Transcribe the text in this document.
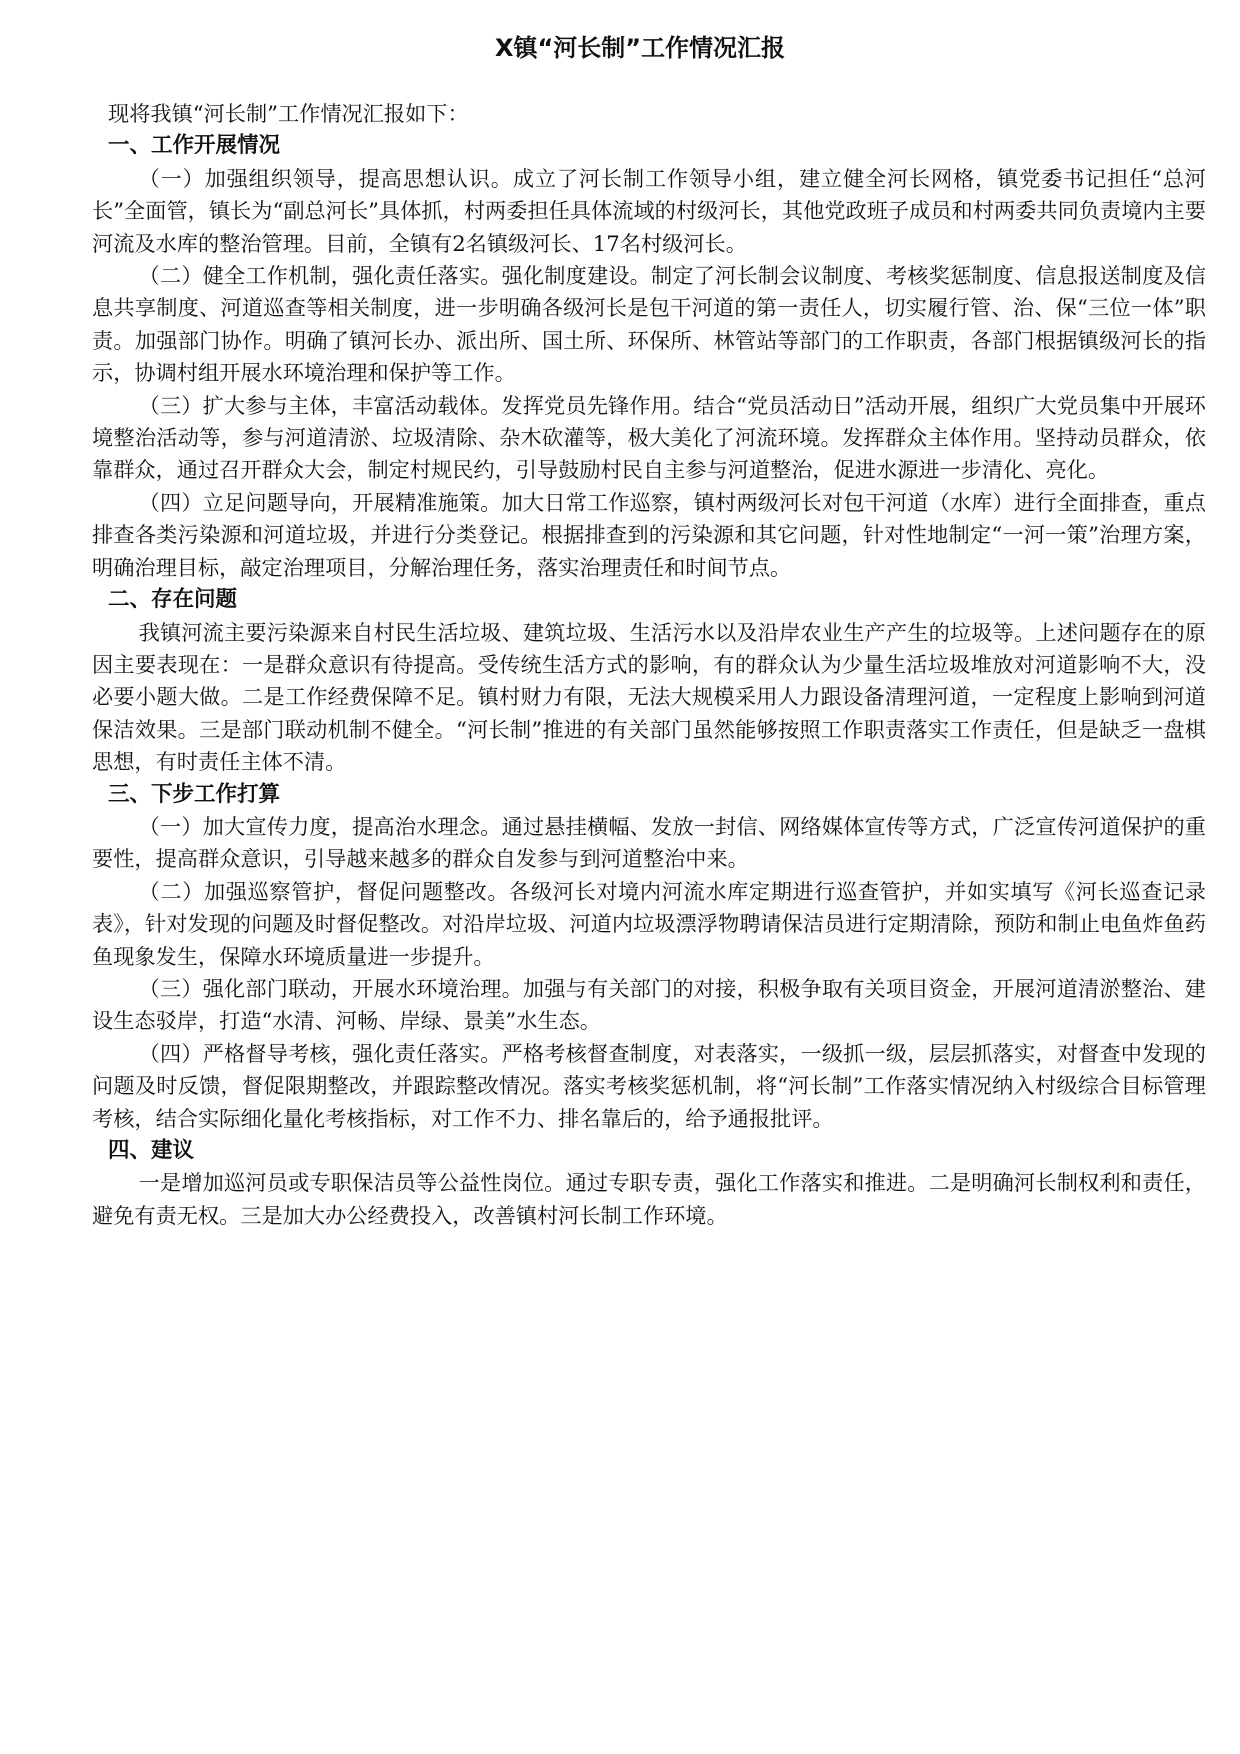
X镇“河长制”工作情况汇报

现将我镇“河长制”工作情况汇报如下：

一、工作开展情况

（一）加强组织领导，提高思想认识。成立了河长制工作领导小组，建立健全河长网格，镇党委书记担任“总河长”全面管，镇长为“副总河长”具体抓，村两委担任具体流域的村级河长，其他党政班子成员和村两委共同负责境内主要河流及水库的整治管理。目前，全镇有2名镇级河长、17名村级河长。

（二）健全工作机制，强化责任落实。强化制度建设。制定了河长制会议制度、考核奖惩制度、信息报送制度及信息共享制度、河道巡查等相关制度，进一步明确各级河长是包干河道的第一责任人，切实履行管、治、保“三位一体”职责。加强部门协作。明确了镇河长办、派出所、国土所、环保所、林管站等部门的工作职责，各部门根据镇级河长的指示，协调村组开展水环境治理和保护等工作。

（三）扩大参与主体，丰富活动载体。发挥党员先锋作用。结合“党员活动日”活动开展，组织广大党员集中开展环境整治活动等，参与河道清淤、垃圾清除、杂木砍灌等，极大美化了河流环境。发挥群众主体作用。坚持动员群众，依靠群众，通过召开群众大会，制定村规民约，引导鼓励村民自主参与河道整治，促进水源进一步清化、亮化。

（四）立足问题导向，开展精准施策。加大日常工作巡察，镇村两级河长对包干河道（水库）进行全面排查，重点排查各类污染源和河道垃圾，并进行分类登记。根据排查到的污染源和其它问题，针对性地制定“一河一策”治理方案，明确治理目标，敲定治理项目，分解治理任务，落实治理责任和时间节点。

二、存在问题

我镇河流主要污染源来自村民生活垃圾、建筑垃圾、生活污水以及沿岸农业生产产生的垃圾等。上述问题存在的原因主要表现在：一是群众意识有待提高。受传统生活方式的影响，有的群众认为少量生活垃圾堆放对河道影响不大，没必要小题大做。二是工作经费保障不足。镇村财力有限，无法大规模采用人力跟设备清理河道，一定程度上影响到河道保洁效果。三是部门联动机制不健全。“河长制”推进的有关部门虽然能够按照工作职责落实工作责任，但是缺乏一盘棋思想，有时责任主体不清。

三、下步工作打算

（一）加大宣传力度，提高治水理念。通过悬挂横幅、发放一封信、网络媒体宣传等方式，广泛宣传河道保护的重要性，提高群众意识，引导越来越多的群众自发参与到河道整治中来。

（二）加强巡察管护，督促问题整改。各级河长对境内河流水库定期进行巡查管护，并如实填写《河长巡查记录表》，针对发现的问题及时督促整改。对沿岸垃圾、河道内垃圾漂浮物聘请保洁员进行定期清除，预防和制止电鱼炸鱼药鱼现象发生，保障水环境质量进一步提升。

（三）强化部门联动，开展水环境治理。加强与有关部门的对接，积极争取有关项目资金，开展河道清淤整治、建设生态驳岸，打造“水清、河畅、岸绿、景美”水生态。

（四）严格督导考核，强化责任落实。严格考核督查制度，对表落实，一级抓一级，层层抓落实，对督查中发现的问题及时反馈，督促限期整改，并跟踪整改情况。落实考核奖惩机制，将“河长制”工作落实情况纳入村级综合目标管理考核，结合实际细化量化考核指标，对工作不力、排名靠后的，给予通报批评。

四、建议

一是增加巡河员或专职保洁员等公益性岗位。通过专职专责，强化工作落实和推进。二是明确河长制权利和责任，避免有责无权。三是加大办公经费投入，改善镇村河长制工作环境。
